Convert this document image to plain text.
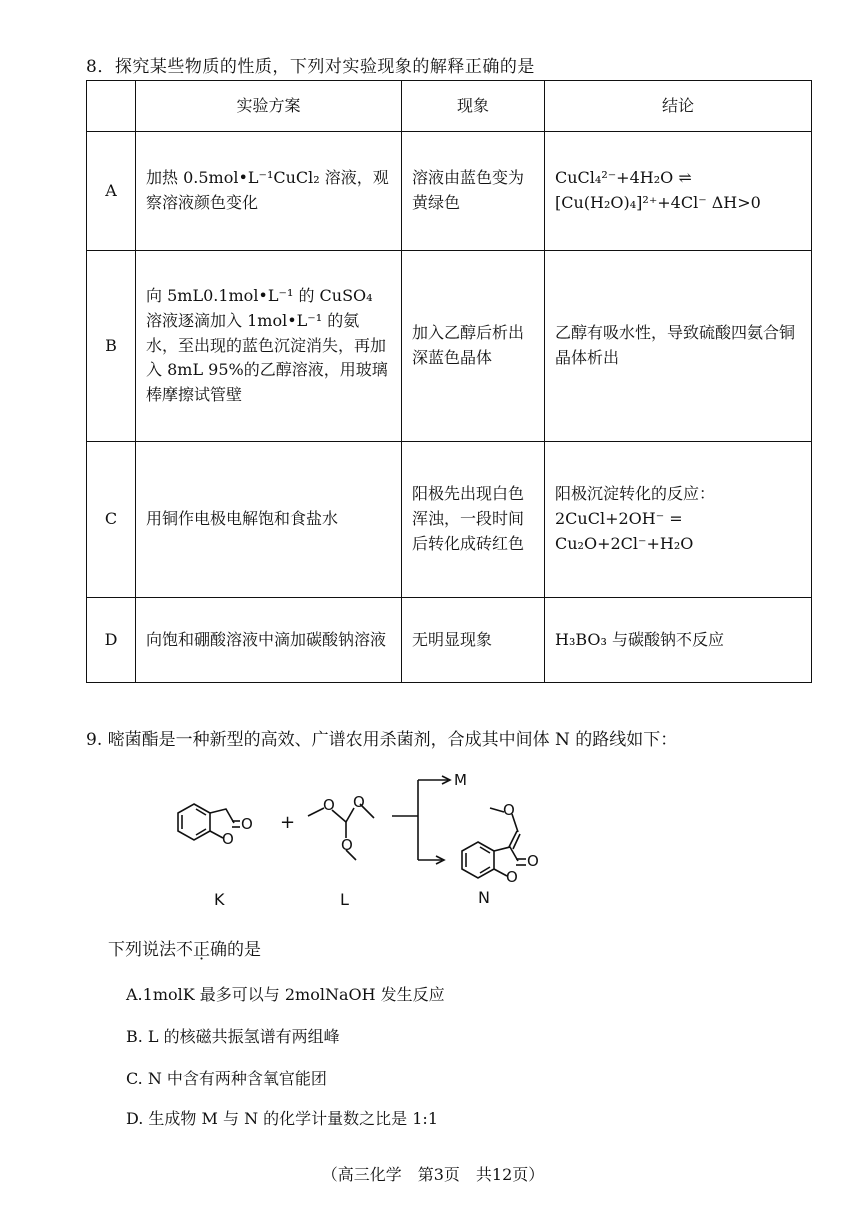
8．探究某些物质的性质，下列对实验现象的解释正确的是
	实验方案	现象	结论
A	加热 0.5mol•L⁻¹CuCl₂ 溶液，观察溶液颜色变化	溶液由蓝色变为黄绿色	CuCl₄²⁻+4H₂O ⇌ [Cu(H₂O)₄]²⁺+4Cl⁻ ΔH>0
B	向 5mL0.1mol•L⁻¹ 的 CuSO₄ 溶液逐滴加入 1mol•L⁻¹ 的氨水，至出现的蓝色沉淀消失，再加入 8mL 95%的乙醇溶液，用玻璃棒摩擦试管壁	加入乙醇后析出深蓝色晶体	乙醇有吸水性，导致硫酸四氨合铜晶体析出
C	用铜作电极电解饱和食盐水	阳极先出现白色浑浊，一段时间后转化成砖红色	阳极沉淀转化的反应：2CuCl+2OH⁻ = Cu₂O+2Cl⁻+H₂O
D	向饱和硼酸溶液中滴加碳酸钠溶液	无明显现象	H₃BO₃ 与碳酸钠不反应
9. 嘧菌酯是一种新型的高效、广谱农用杀菌剂，合成其中间体 N 的路线如下：
O
O
+
O O
O
M
O
O
O
K	L	N
下列说法不正确的是
A.1molK 最多可以与 2molNaOH 发生反应
B. L 的核磁共振氢谱有两组峰
C. N 中含有两种含氧官能团
D. 生成物 M 与 N 的化学计量数之比是 1:1
（高三化学　第3页　共12页）
